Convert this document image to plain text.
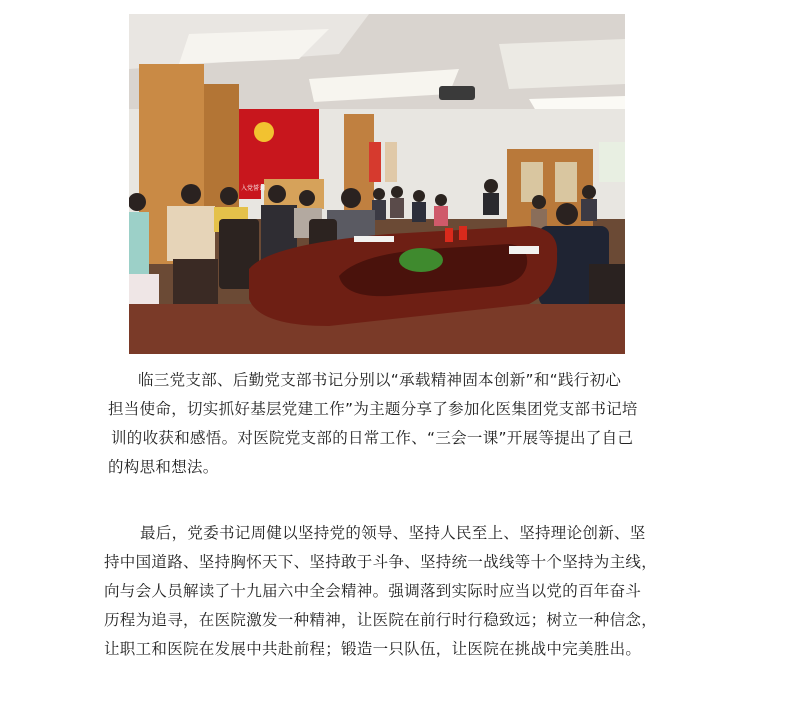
入党誓词
临三党支部、后勤党支部书记分别以“承载精神固本创新”和“践行初心
担当使命，切实抓好基层党建工作”为主题分享了参加化医集团党支部书记培
训的收获和感悟。对医院党支部的日常工作、“三会一课”开展等提出了自己
的构思和想法。
最后，党委书记周健以坚持党的领导、坚持人民至上、坚持理论创新、坚
持中国道路、坚持胸怀天下、坚持敢于斗争、坚持统一战线等十个坚持为主线，
向与会人员解读了十九届六中全会精神。强调落到实际时应当以党的百年奋斗
历程为追寻，在医院激发一种精神，让医院在前行时行稳致远；树立一种信念，
让职工和医院在发展中共赴前程；锻造一只队伍，让医院在挑战中完美胜出。
